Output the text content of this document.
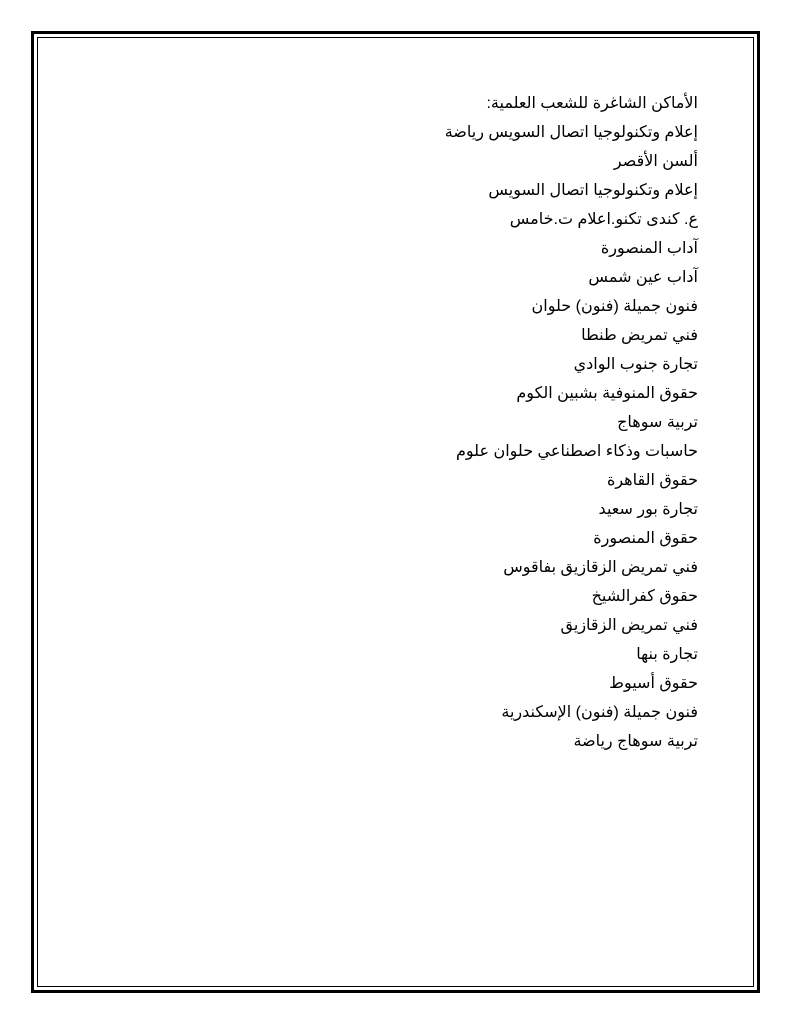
الأماكن الشاغرة للشعب العلمية:
إعلام وتكنولوجيا اتصال السويس رياضة
ألسن الأقصر
إعلام وتكنولوجيا اتصال السويس
ع. كندى تكنو.اعلام ت.خامس
آداب المنصورة
آداب عين شمس
فنون جميلة (فنون) حلوان
فني تمريض طنطا
تجارة جنوب الوادي
حقوق المنوفية بشبين الكوم
تربية سوهاج
حاسبات وذكاء اصطناعي حلوان علوم
حقوق القاهرة
تجارة بور سعيد
حقوق المنصورة
فني تمريض الزقازيق بفاقوس
حقوق كفرالشيخ
فني تمريض الزقازيق
تجارة بنها
حقوق أسيوط
فنون جميلة (فنون) الإسكندرية
تربية سوهاج رياضة
